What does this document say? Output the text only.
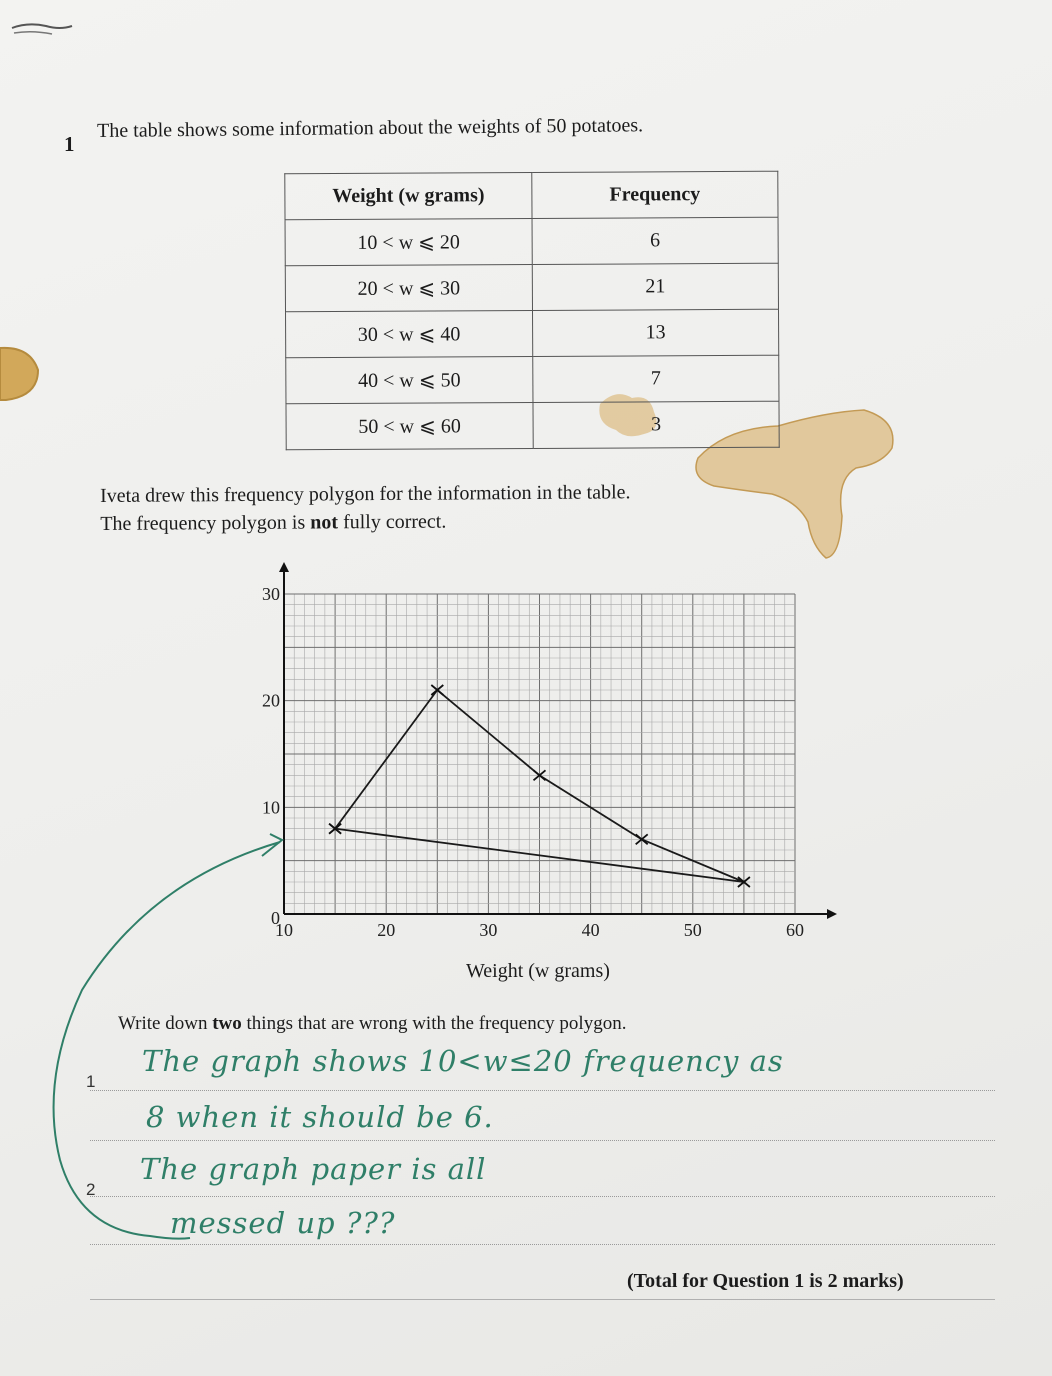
1
The table shows some information about the weights of 50 potatoes.
Weight (w grams)	Frequency
10 < w ⩽ 20	6
20 < w ⩽ 30	21
30 < w ⩽ 40	13
40 < w ⩽ 50	7
50 < w ⩽ 60	3
Iveta drew this frequency polygon for the information in the table.
The frequency polygon is not fully correct.
10	20	30	40	50	60
0
10
20
30
Weight (w grams)
Write down two things that are wrong with the frequency polygon.
1
2
The graph shows 10<w≤20 frequency as
8 when it should be 6.
The graph paper is all
messed up ???
(Total for Question 1 is 2 marks)
